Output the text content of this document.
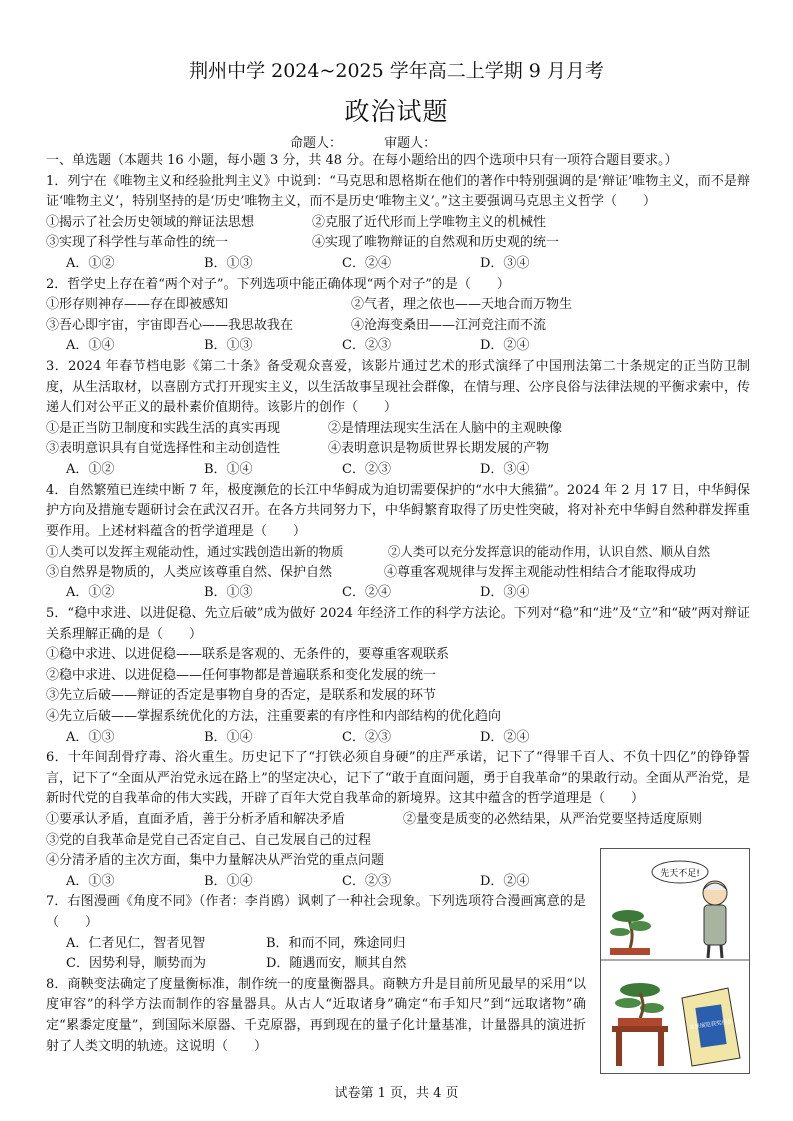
荆州中学 2024~2025 学年高二上学期 9 月月考
政治试题
命题人：	审题人：

一、单选题（本题共 16 小题，每小题 3 分，共 48 分。在每小题给出的四个选项中只有一项符合题目要求。）

1．列宁在《唯物主义和经验批判主义》中说到：“马克思和恩格斯在他们的著作中特别强调的是‘辩证’唯物主义，而不是辩证‘唯物主义’，特别坚持的是‘历史’唯物主义，而不是历史‘唯物主义’。”这主要强调马克思主义哲学（　　）

①揭示了社会历史领域的辩证法思想	②克服了近代形而上学唯物主义的机械性
③实现了科学性与革命性的统一	④实现了唯物辩证的自然观和历史观的统一
A．①②	B．①③	C．②④	D．③④

2．哲学史上存在着“两个对子”。下列选项中能正确体现“两个对子”的是（　　）

①形存则神存——存在即被感知	②气者，理之依也——天地合而万物生
③吾心即宇宙，宇宙即吾心——我思故我在	④沧海变桑田——江河竞注而不流
A．①④	B．①③	C．②③	D．②④

3．2024 年春节档电影《第二十条》备受观众喜爱，该影片通过艺术的形式演绎了中国刑法第二十条规定的正当防卫制度，从生活取材，以喜剧方式打开现实主义，以生活故事呈现社会群像，在情与理、公序良俗与法律法规的平衡求索中，传递人们对公平正义的最朴素价值期待。该影片的创作（　　）

①是正当防卫制度和实践生活的真实再现	②是情理法现实生活在人脑中的主观映像
③表明意识具有自觉选择性和主动创造性	④表明意识是物质世界长期发展的产物
A．①②	B．①④	C．②③	D．③④

4．自然繁殖已连续中断 7 年，极度濒危的长江中华鲟成为迫切需要保护的“水中大熊猫”。2024 年 2 月 17 日，中华鲟保护方向及措施专题研讨会在武汉召开。在各方共同努力下，中华鲟繁育取得了历史性突破，将对补充中华鲟自然种群发挥重要作用。上述材料蕴含的哲学道理是（　　）

①人类可以发挥主观能动性，通过实践创造出新的物质	②人类可以充分发挥意识的能动作用，认识自然、顺从自然
③自然界是物质的，人类应该尊重自然、保护自然	④尊重客观规律与发挥主观能动性相结合才能取得成功
A．①②	B．①③	C．②④	D．③④

5．“稳中求进、以进促稳、先立后破”成为做好 2024 年经济工作的科学方法论。下列对“稳”和“进”及“立”和“破”两对辩证关系理解正确的是（　　）

①稳中求进、以进促稳——联系是客观的、无条件的，要尊重客观联系

②稳中求进、以进促稳——任何事物都是普遍联系和变化发展的统一

③先立后破——辩证的否定是事物自身的否定，是联系和发展的环节

④先立后破——掌握系统优化的方法，注重要素的有序性和内部结构的优化趋向

A．①③	B．①④	C．②③	D．②④

6．十年间刮骨疗毒、浴火重生。历史记下了“打铁必须自身硬”的庄严承诺，记下了“得罪千百人、不负十四亿”的铮铮誓言，记下了“全面从严治党永远在路上”的坚定决心，记下了“敢于直面问题，勇于自我革命”的果敢行动。全面从严治党，是新时代党的自我革命的伟大实践，开辟了百年大党自我革命的新境界。这其中蕴含的哲学道理是（　　）

①要承认矛盾，直面矛盾，善于分析矛盾和解决矛盾	②量变是质变的必然结果，从严治党要坚持适度原则

③党的自我革命是党自己否定自己、自己发展自己的过程

④分清矛盾的主次方面，集中力量解决从严治党的重点问题

A．①③	B．①④	C．②③	D．②④

7．右图漫画《角度不同》（作者：李肖鸥）讽刺了一种社会现象。下列选项符合漫画寓意的是（　　）

A．仁者见仁，智者见智	B．和而不同，殊途同归
C．因势利导，顺势而为	D．随遇而安，顺其自然

8．商鞅变法确定了度量衡标准，制作统一的度量衡器具。商鞅方升是目前所见最早的采用“以度审容”的科学方法而制作的容量器具。从古人“近取诸身”确定“布手知尺”到“远取诸物”确定“累黍定度量”，到国际米原器、千克原器，再到现在的量子化计量基准，计量器具的演进折射了人类文明的轨迹。这说明（　　）

先天不足!
盆景展览获奖作品
试卷第 1 页，共 4 页
